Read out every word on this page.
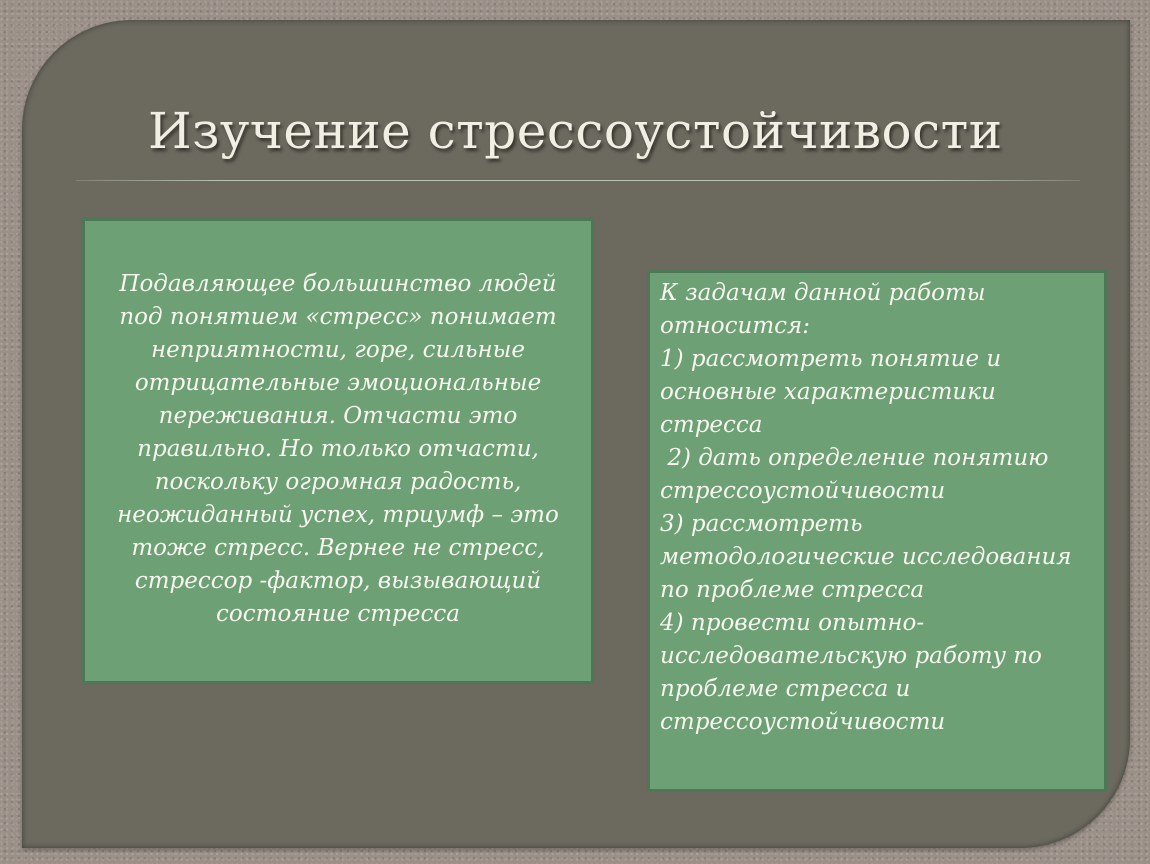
Изучение стрессоустойчивости
Подавляющее большинство людей под понятием «стресс» понимает неприятности, горе, сильные отрицательные эмоциональные переживания. Отчасти это правильно. Но только отчасти, поскольку огромная радость, неожиданный успех, триумф – это тоже стресс. Вернее не стресс, стрессор -фактор, вызывающий состояние стресса
К задачам данной работы относится:
1) рассмотреть понятие и основные характеристики стресса
2) дать определение понятию стрессоустойчивости
3) рассмотреть методологические исследования по проблеме стресса
4) провести опытно-исследовательскую работу по проблеме стресса и стрессоустойчивости
